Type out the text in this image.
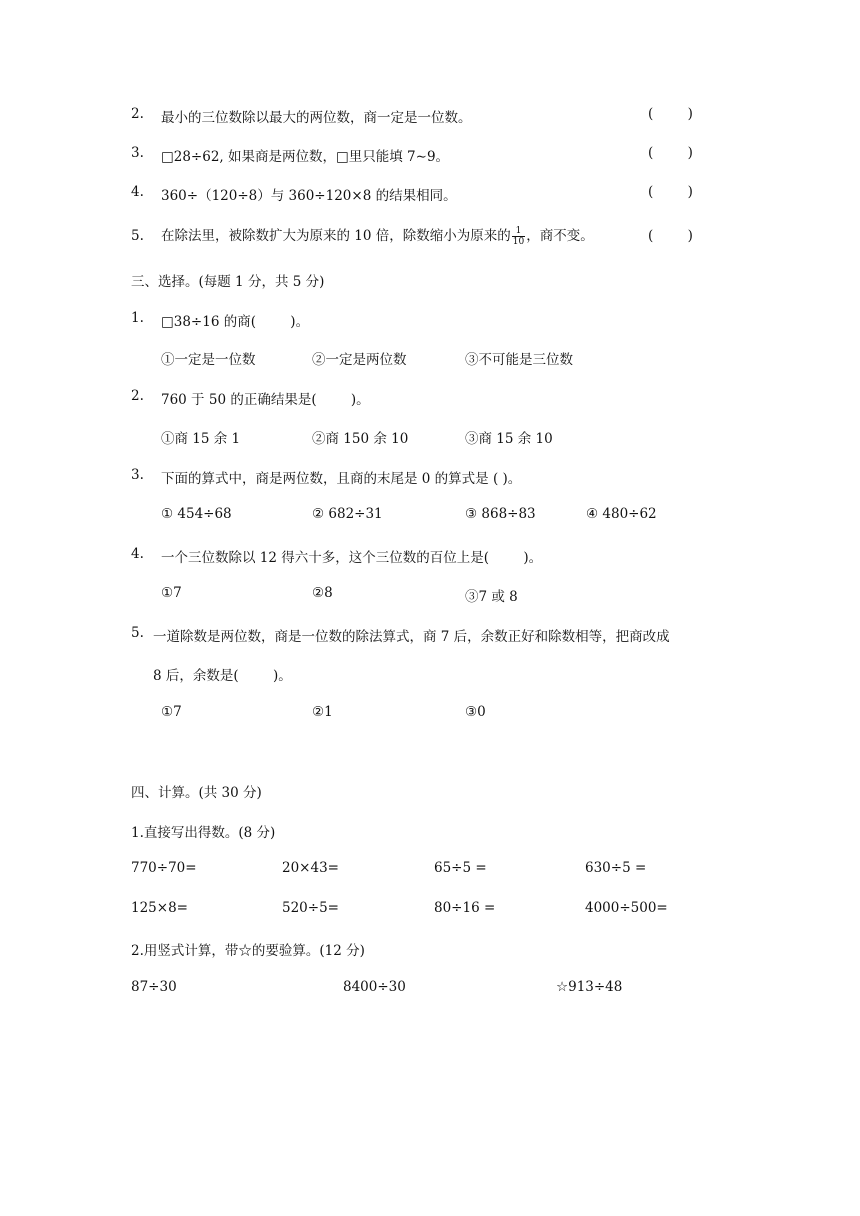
2. 最小的三位数除以最大的两位数，商一定是一位数。	(        )
3. □28÷62, 如果商是两位数，□里只能填 7∼9。	(        )
4. 360÷（120÷8）与 360÷120×8 的结果相同。	(        )
5. 在除法里，被除数扩大为原来的 10 倍，除数缩小为原来的 $\frac{1}{10}$ ，商不变。	(        )
三、选择。(每题 1 分，共 5 分)
1. □38÷16 的商(        )。
①一定是一位数	②一定是两位数	③不可能是三位数
2. 760 于 50 的正确结果是(        )。
①商 15 余 1	②商 150 余 10	③商 15 余 10
3. 下面的算式中，商是两位数，且商的末尾是 0 的算式是 ( )。
① 454÷68	② 682÷31	③ 868÷83	④ 480÷62
4. 一个三位数除以 12 得六十多，这个三位数的百位上是(        )。
①7	②8	③7 或 8
5. 一道除数是两位数，商是一位数的除法算式，商 7 后，余数正好和除数相等，把商改成
8 后，余数是(        )。
①7	②1	③0
四、计算。(共 30 分)
1.直接写出得数。(8 分)
770÷70=	20×43=	65÷5 =	630÷5 =
125×8=	520÷5=	80÷16 =	4000÷500=
2.用竖式计算，带☆的要验算。(12 分)
87÷30	8400÷30	☆913÷48
